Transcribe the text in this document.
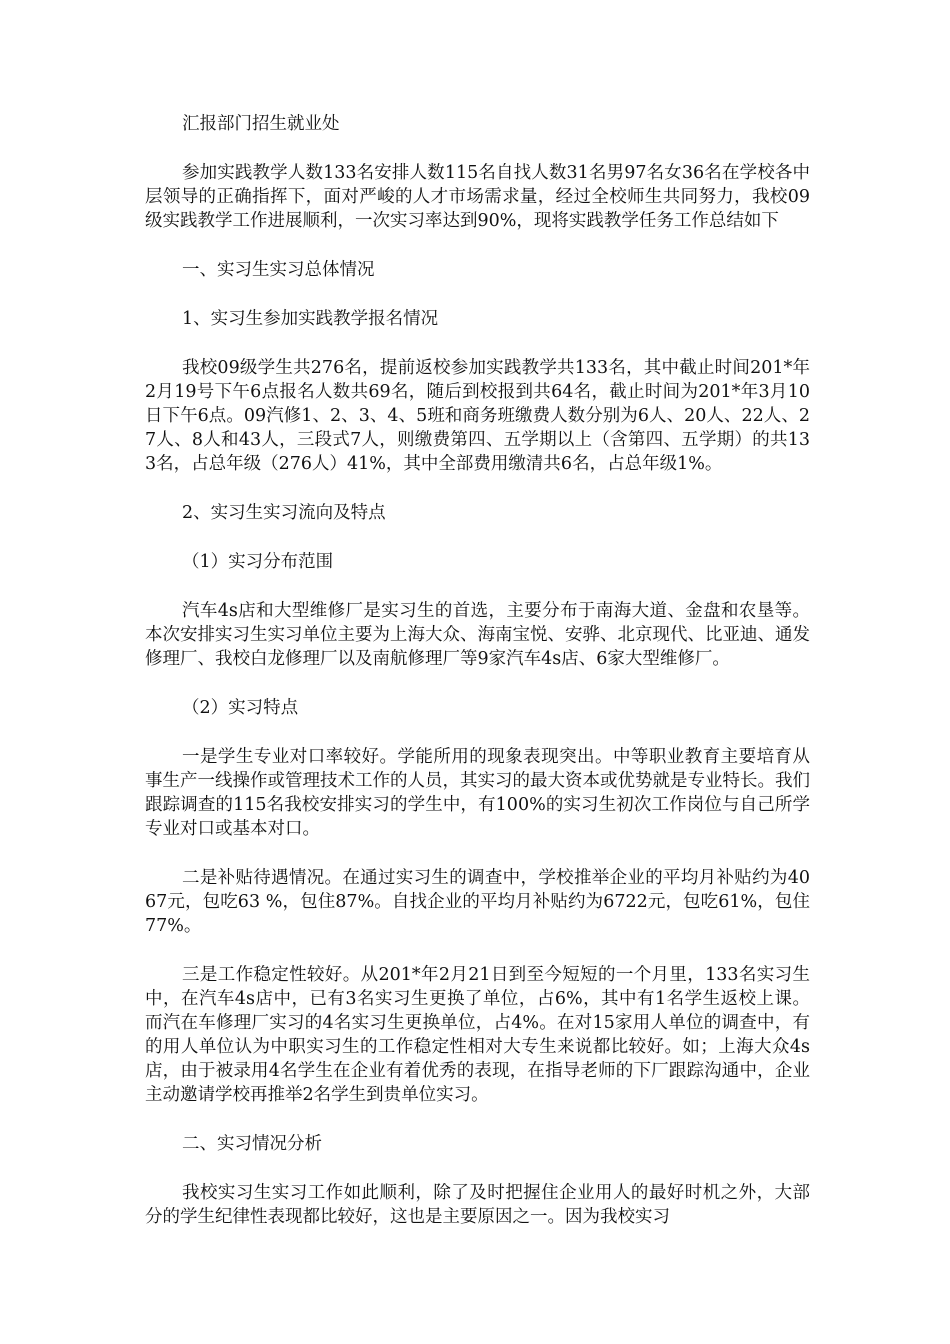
汇报部门招生就业处

参加实践教学人数133名安排人数115名自找人数31名男97名女36名在学校各中层领导的正确指挥下，面对严峻的人才市场需求量，经过全校师生共同努力，我校09级实践教学工作进展顺利，一次实习率达到90%，现将实践教学任务工作总结如下

一、实习生实习总体情况

1、实习生参加实践教学报名情况

我校09级学生共276名，提前返校参加实践教学共133名，其中截止时间201*年2月19号下午6点报名人数共69名，随后到校报到共64名，截止时间为201*年3月10日下午6点。09汽修1、2、3、4、5班和商务班缴费人数分别为6人、20人、22人、27人、8人和43人，三段式7人，则缴费第四、五学期以上（含第四、五学期）的共133名，占总年级（276人）41%，其中全部费用缴清共6名，占总年级1%。

2、实习生实习流向及特点

（1）实习分布范围

汽车4s店和大型维修厂是实习生的首选，主要分布于南海大道、金盘和农垦等。本次安排实习生实习单位主要为上海大众、海南宝悦、安骅、北京现代、比亚迪、通发修理厂、我校白龙修理厂以及南航修理厂等9家汽车4s店、6家大型维修厂。

（2）实习特点

一是学生专业对口率较好。学能所用的现象表现突出。中等职业教育主要培育从事生产一线操作或管理技术工作的人员，其实习的最大资本或优势就是专业特长。我们跟踪调查的115名我校安排实习的学生中，有100%的实习生初次工作岗位与自己所学专业对口或基本对口。

二是补贴待遇情况。在通过实习生的调查中，学校推举企业的平均月补贴约为4067元，包吃63 %，包住87%。自找企业的平均月补贴约为6722元，包吃61%，包住77%。

三是工作稳定性较好。从201*年2月21日到至今短短的一个月里，133名实习生中，在汽车4s店中，已有3名实习生更换了单位，占6%，其中有1名学生返校上课。而汽在车修理厂实习的4名实习生更换单位，占4%。在对15家用人单位的调查中，有的用人单位认为中职实习生的工作稳定性相对大专生来说都比较好。如；上海大众4s店，由于被录用4名学生在企业有着优秀的表现，在指导老师的下厂跟踪沟通中，企业主动邀请学校再推举2名学生到贵单位实习。

二、实习情况分析

我校实习生实习工作如此顺利，除了及时把握住企业用人的最好时机之外，大部分的学生纪律性表现都比较好，这也是主要原因之一。因为我校实习
